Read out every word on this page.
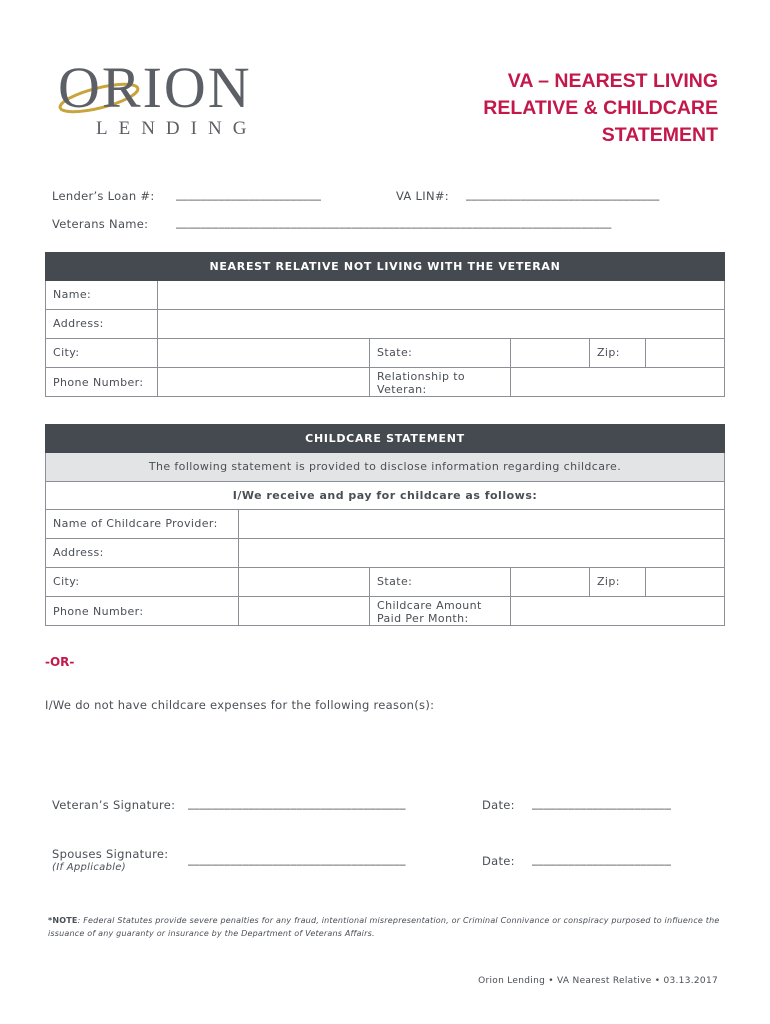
ORION
LENDING
VA – NEAREST LIVING
RELATIVE & CHILDCARE
STATEMENT
Lender’s Loan #: ________________________	VA LIN#: ________________________________
Veterans Name: ________________________________________________________________________
NEAREST RELATIVE NOT LIVING WITH THE VETERAN
Name:
Address:
City:	State:	Zip:
Phone Number:	Relationship to Veteran:
CHILDCARE STATEMENT
The following statement is provided to disclose information regarding childcare.
I/We receive and pay for childcare as follows:
Name of Childcare Provider:
Address:
City:	State:	Zip:
Phone Number:	Childcare Amount Paid Per Month:
-OR-
I/We do not have childcare expenses for the following reason(s):
Veteran’s Signature: ____________________________________	Date: _______________________
Spouses Signature:
(If Applicable)
____________________________________	Date: _______________________
*NOTE: Federal Statutes provide severe penalties for any fraud, intentional misrepresentation, or Criminal Connivance or conspiracy purposed to influence the issuance of any guaranty or insurance by the Department of Veterans Affairs.
Orion Lending • VA Nearest Relative • 03.13.2017
